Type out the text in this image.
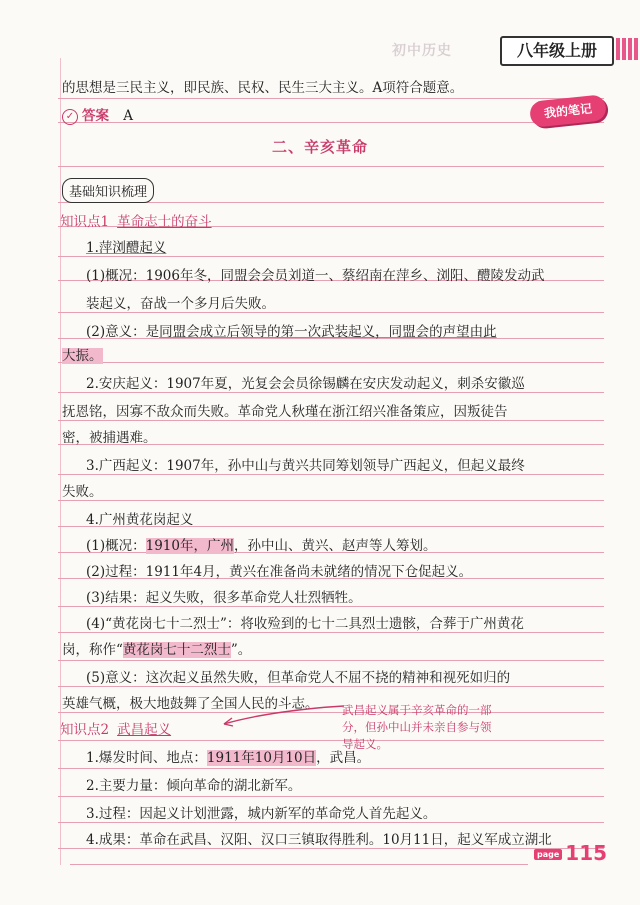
初中历史	八年级上册
我的笔记
的思想是三民主义，即民族、民权、民生三大主义。A项符合题意。
✓ 答案 A
二、辛亥革命
基础知识梳理
知识点1 革命志士的奋斗
1.萍浏醴起义
(1)概况：1906年冬，同盟会会员刘道一、蔡绍南在萍乡、浏阳、醴陵发动武
装起义，奋战一个多月后失败。
(2)意义：是同盟会成立后领导的第一次武装起义，同盟会的声望由此
大振。
2.安庆起义：1907年夏，光复会会员徐锡麟在安庆发动起义，刺杀安徽巡
抚恩铭，因寡不敌众而失败。革命党人秋瑾在浙江绍兴准备策应，因叛徒告
密，被捕遇难。
3.广西起义：1907年，孙中山与黄兴共同筹划领导广西起义，但起义最终
失败。
4.广州黄花岗起义
(1)概况：1910年，广州，孙中山、黄兴、赵声等人筹划。
(2)过程：1911年4月，黄兴在准备尚未就绪的情况下仓促起义。
(3)结果：起义失败，很多革命党人壮烈牺牲。
(4)“黄花岗七十二烈士”：将收殓到的七十二具烈士遗骸，合葬于广州黄花
岗，称作“黄花岗七十二烈士”。
(5)意义：这次起义虽然失败，但革命党人不屈不挠的精神和视死如归的
英雄气概，极大地鼓舞了全国人民的斗志。
知识点2 武昌起义
武昌起义属于辛亥革命的一部分，但孙中山并未亲自参与领导起义。
1.爆发时间、地点：1911年10月10日，武昌。
2.主要力量：倾向革命的湖北新军。
3.过程：因起义计划泄露，城内新军的革命党人首先起义。
4.成果：革命在武昌、汉阳、汉口三镇取得胜利。10月11日，起义军成立湖北
page 115
